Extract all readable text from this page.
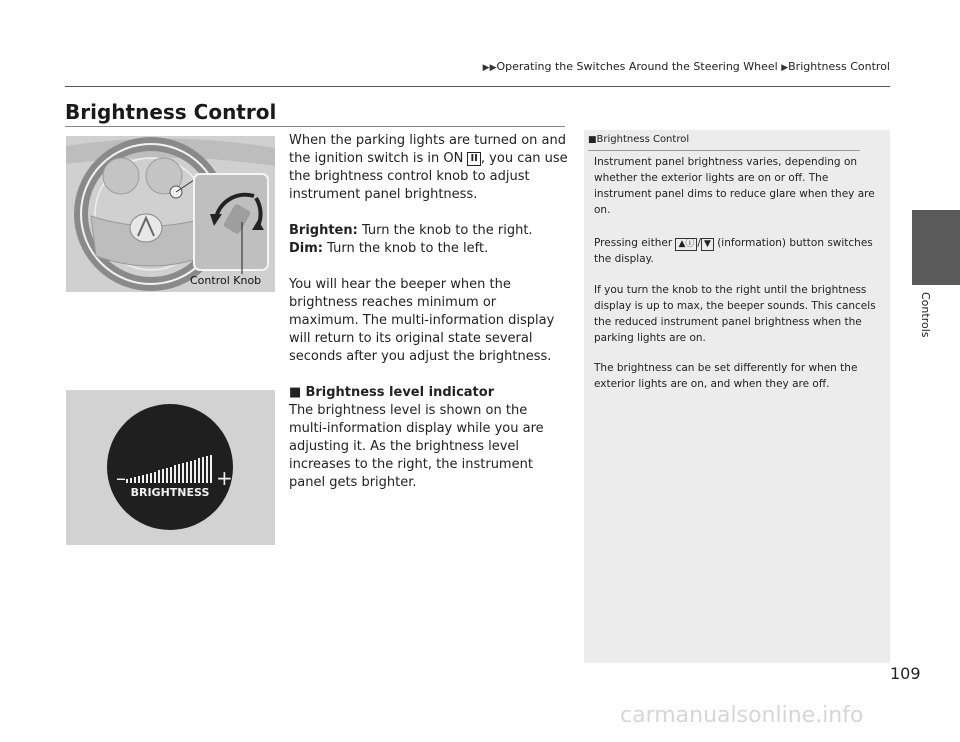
▶▶Operating the Switches Around the Steering Wheel ▶Brightness Control
Controls
Brightness Control
Control Knob
–	+
BRIGHTNESS
When the parking lights are turned on and the ignition switch is in ON II , you can use the brightness control knob to adjust instrument panel brightness.
Brighten: Turn the knob to the right.
Dim: Turn the knob to the left.
You will hear the beeper when the brightness reaches minimum or maximum. The multi-information display will return to its original state several seconds after you adjust the brightness.
■ Brightness level indicator
The brightness level is shown on the multi-information display while you are adjusting it. As the brightness level increases to the right, the instrument panel gets brighter.
■Brightness Control
Instrument panel brightness varies, depending on whether the exterior lights are on or off. The instrument panel dims to reduce glare when they are on.
Pressing either ▲ⓘ / ▼ (information) button switches the display.
If you turn the knob to the right until the brightness display is up to max, the beeper sounds. This cancels the reduced instrument panel brightness when the parking lights are on.
The brightness can be set differently for when the exterior lights are on, and when they are off.
109
carmanualsonline.info
